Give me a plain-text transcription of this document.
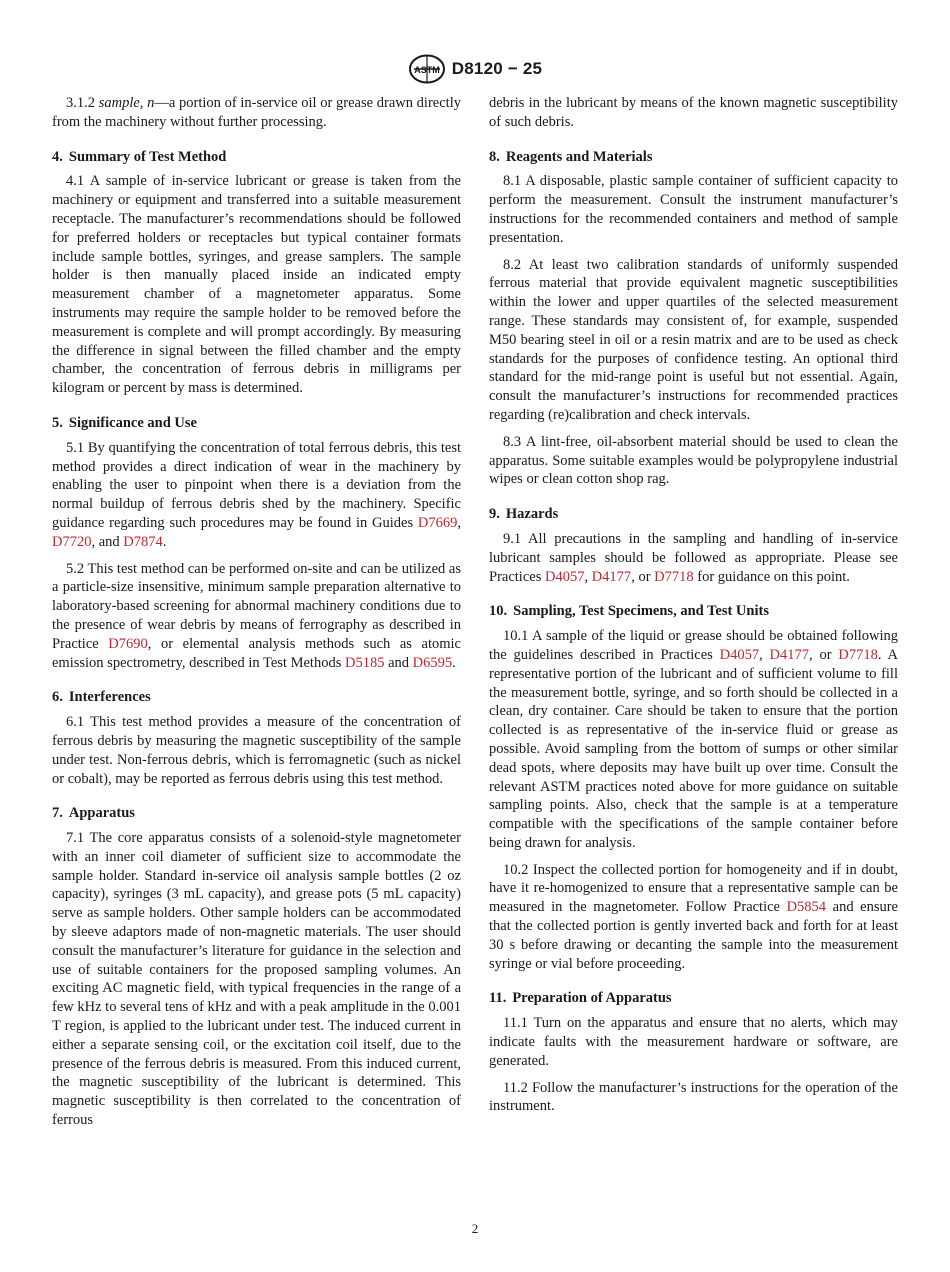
ASTM D8120 − 25

3.1.2 sample, n—a portion of in-service oil or grease drawn directly from the machinery without further processing.

4. Summary of Test Method

4.1 A sample of in-service lubricant or grease is taken from the machinery or equipment and transferred into a suitable measurement receptacle. The manufacturer’s recommendations should be followed for preferred holders or receptacles but typical container formats include sample bottles, syringes, and grease samplers. The sample holder is then manually placed inside an indicated empty measurement chamber of a magnetometer apparatus. Some instruments may require the sample holder to be removed before the measurement is complete and will prompt accordingly. By measuring the difference in signal between the filled chamber and the empty chamber, the concentration of ferrous debris in milligrams per kilogram or percent by mass is determined.

5. Significance and Use

5.1 By quantifying the concentration of total ferrous debris, this test method provides a direct indication of wear in the machinery by enabling the user to pinpoint when there is a deviation from the normal buildup of ferrous debris shed by the machinery. Specific guidance regarding such procedures may be found in Guides D7669, D7720, and D7874.

5.2 This test method can be performed on-site and can be utilized as a particle-size insensitive, minimum sample preparation alternative to laboratory-based screening for abnormal machinery conditions due to the presence of wear debris by means of ferrography as described in Practice D7690, or elemental analysis methods such as atomic emission spectrometry, described in Test Methods D5185 and D6595.

6. Interferences

6.1 This test method provides a measure of the concentration of ferrous debris by measuring the magnetic susceptibility of the sample under test. Non-ferrous debris, which is ferromagnetic (such as nickel or cobalt), may be reported as ferrous debris using this test method.

7. Apparatus

7.1 The core apparatus consists of a solenoid-style magnetometer with an inner coil diameter of sufficient size to accommodate the sample holder. Standard in-service oil analysis sample bottles (2 oz capacity), syringes (3 mL capacity), and grease pots (5 mL capacity) serve as sample holders. Other sample holders can be accommodated by sleeve adaptors made of non-magnetic materials. The user should consult the manufacturer’s literature for guidance in the selection and use of suitable containers for the proposed sampling volumes. An exciting AC magnetic field, with typical frequencies in the range of a few kHz to several tens of kHz and with a peak amplitude in the 0.001 T region, is applied to the lubricant under test. The induced current in either a separate sensing coil, or the excitation coil itself, due to the presence of the ferrous debris is measured. From this induced current, the magnetic susceptibility of the lubricant is determined. This magnetic susceptibility is then correlated to the concentration of ferrous

debris in the lubricant by means of the known magnetic susceptibility of such debris.

8. Reagents and Materials

8.1 A disposable, plastic sample container of sufficient capacity to perform the measurement. Consult the instrument manufacturer’s instructions for the recommended containers and method of sample presentation.

8.2 At least two calibration standards of uniformly suspended ferrous material that provide equivalent magnetic susceptibilities within the lower and upper quartiles of the selected measurement range. These standards may consistent of, for example, suspended M50 bearing steel in oil or a resin matrix and are to be used as check standards for the purposes of confidence testing. An optional third standard for the mid-range point is useful but not essential. Again, consult the manufacturer’s instructions for recommended practices regarding (re)calibration and check intervals.

8.3 A lint-free, oil-absorbent material should be used to clean the apparatus. Some suitable examples would be polypropylene industrial wipes or clean cotton shop rag.

9. Hazards

9.1 All precautions in the sampling and handling of in-service lubricant samples should be followed as appropriate. Please see Practices D4057, D4177, or D7718 for guidance on this point.

10. Sampling, Test Specimens, and Test Units

10.1 A sample of the liquid or grease should be obtained following the guidelines described in Practices D4057, D4177, or D7718. A representative portion of the lubricant and of sufficient volume to fill the measurement bottle, syringe, and so forth should be collected in a clean, dry container. Care should be taken to ensure that the portion collected is as representative of the in-service fluid or grease as possible. Avoid sampling from the bottom of sumps or other similar dead spots, where deposits may have built up over time. Consult the relevant ASTM practices noted above for more guidance on suitable sampling points. Also, check that the sample is at a temperature compatible with the specifications of the sample container before being drawn for analysis.

10.2 Inspect the collected portion for homogeneity and if in doubt, have it re-homogenized to ensure that a representative sample can be measured in the magnetometer. Follow Practice D5854 and ensure that the collected portion is gently inverted back and forth for at least 30 s before drawing or decanting the sample into the measurement syringe or vial before proceeding.

11. Preparation of Apparatus

11.1 Turn on the apparatus and ensure that no alerts, which may indicate faults with the measurement hardware or software, are generated.

11.2 Follow the manufacturer’s instructions for the operation of the instrument.

2
